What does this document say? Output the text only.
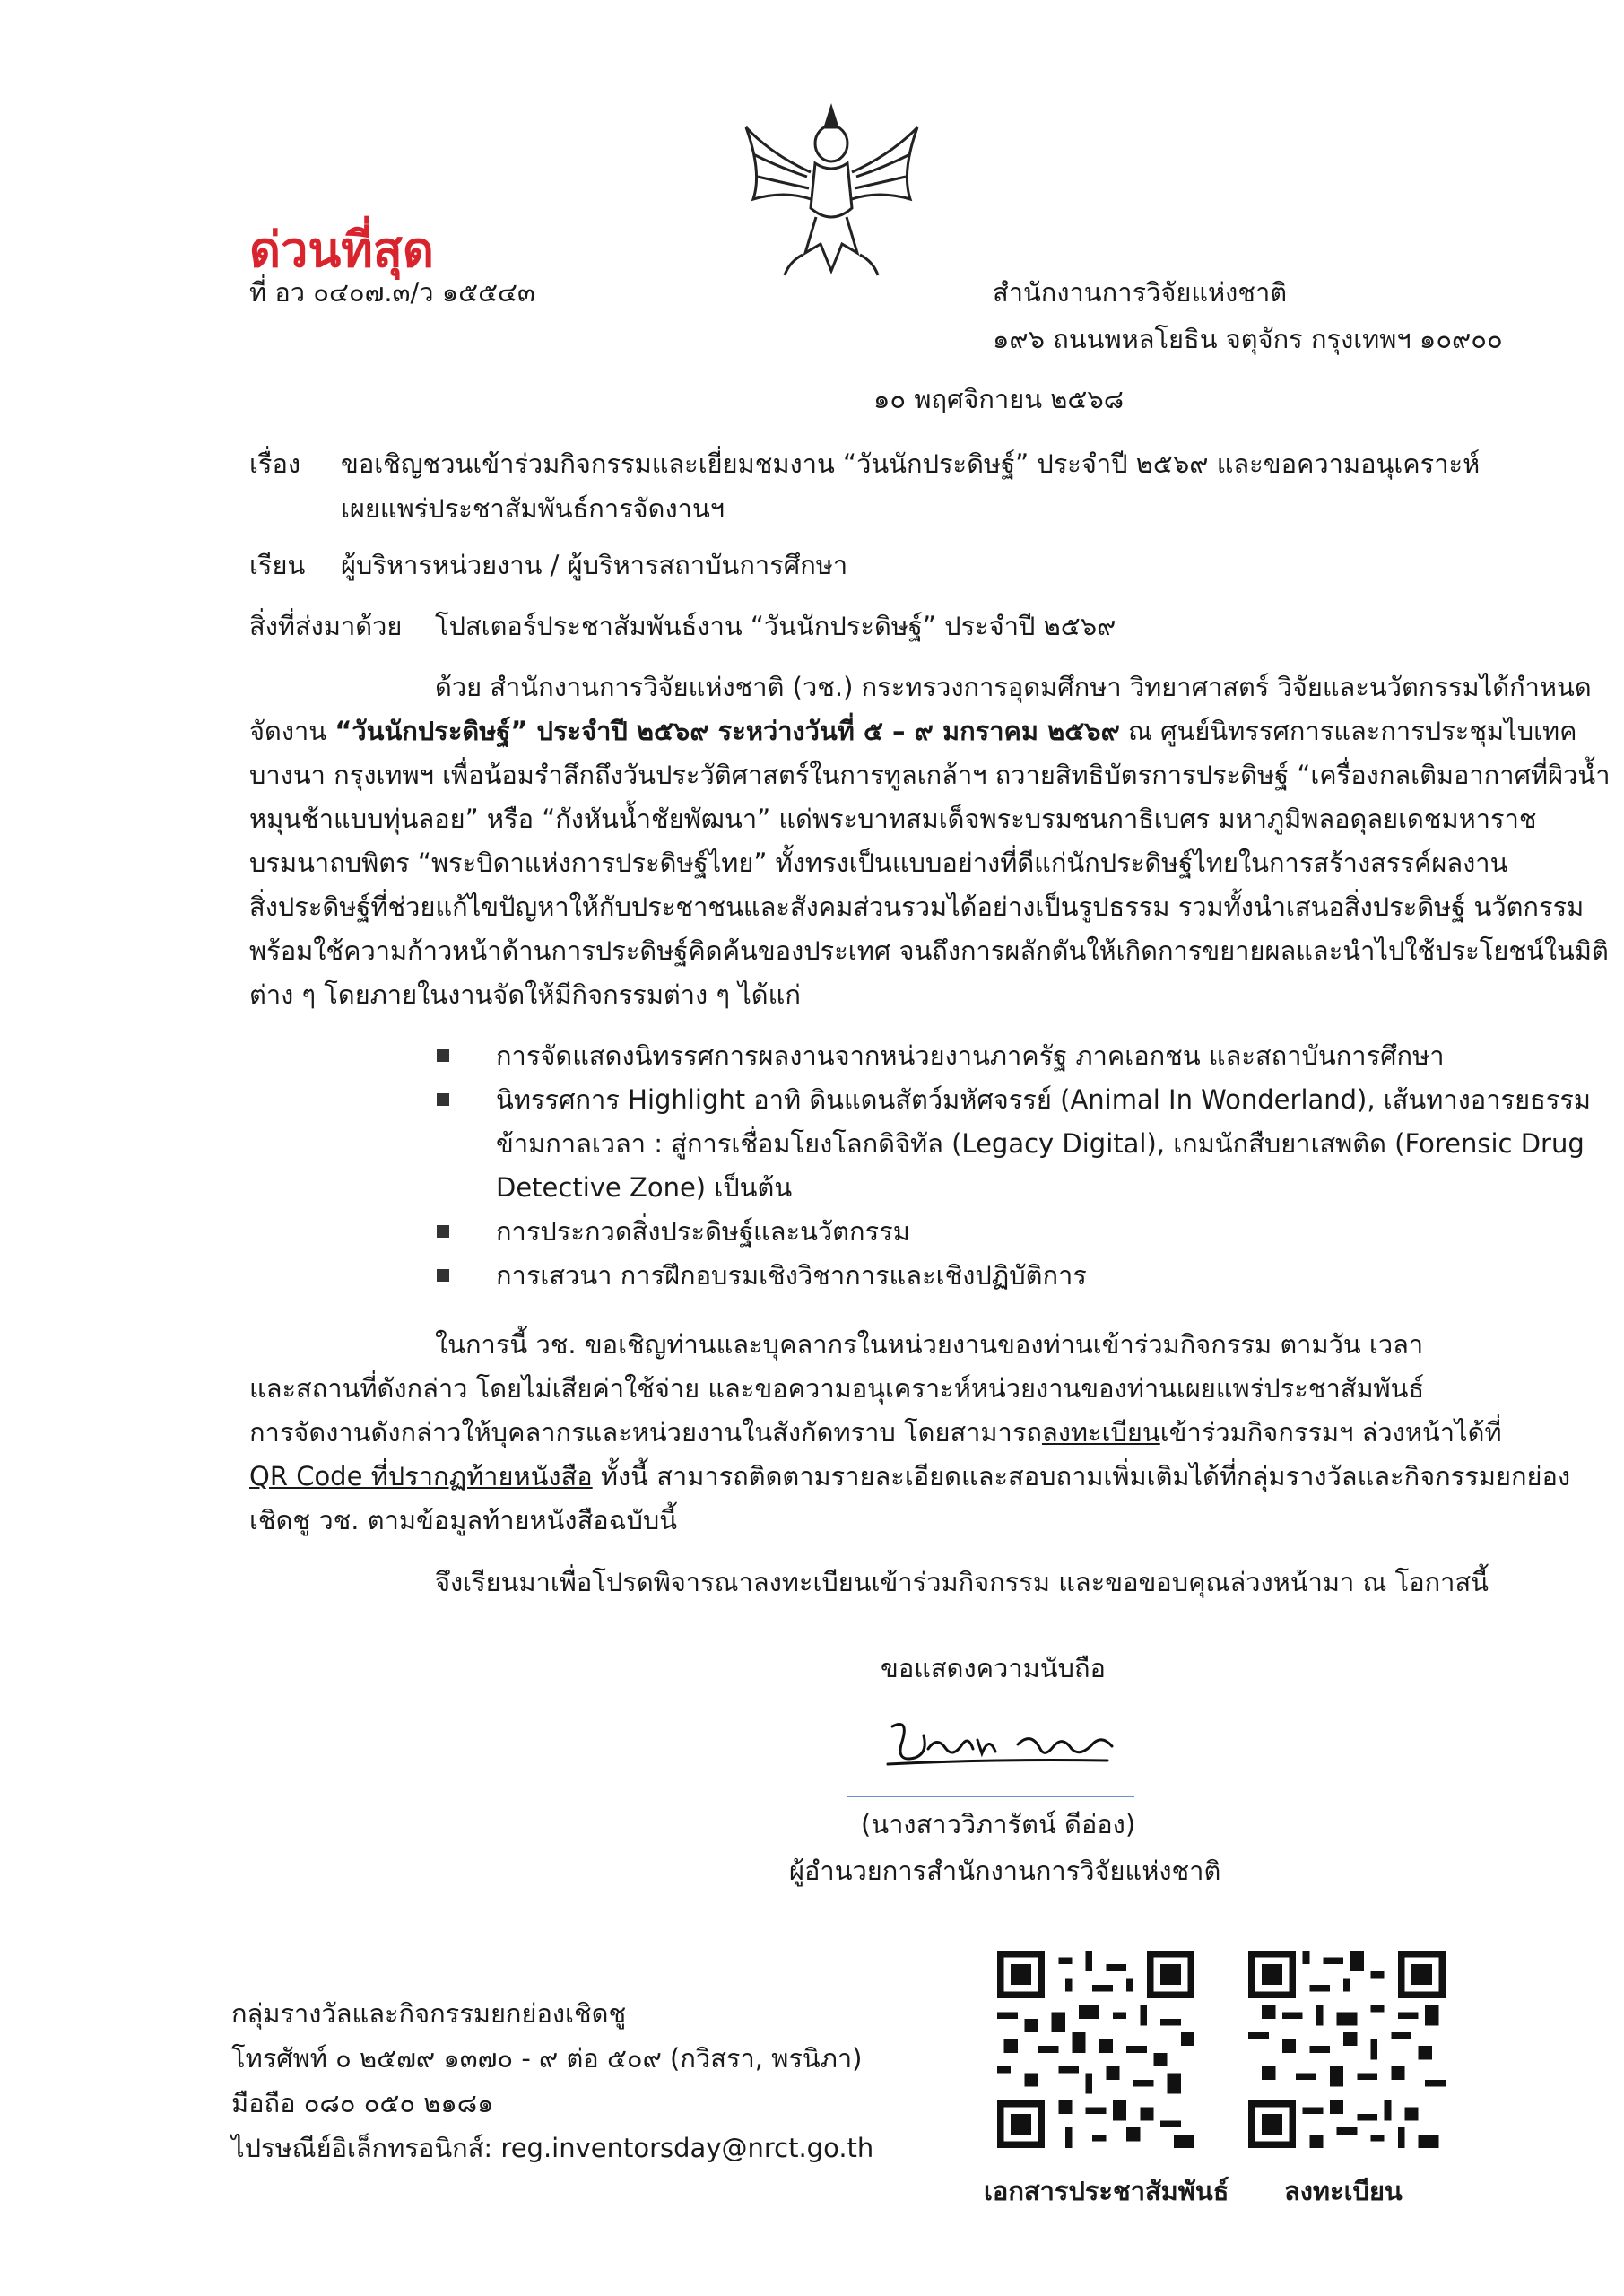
ด่วนที่สุด
ที่ อว ๐๔๐๗.๓/ว ๑๕๕๔๓	สำนักงานการวิจัยแห่งชาติ
๑๙๖ ถนนพหลโยธิน จตุจักร กรุงเทพฯ ๑๐๙๐๐
๑๐ พฤศจิกายน ๒๕๖๘
เรื่อง ขอเชิญชวนเข้าร่วมกิจกรรมและเยี่ยมชมงาน “วันนักประดิษฐ์” ประจำปี ๒๕๖๙ และขอความอนุเคราะห์
เผยแพร่ประชาสัมพันธ์การจัดงานฯ
เรียน ผู้บริหารหน่วยงาน / ผู้บริหารสถาบันการศึกษา
สิ่งที่ส่งมาด้วย โปสเตอร์ประชาสัมพันธ์งาน “วันนักประดิษฐ์” ประจำปี ๒๕๖๙
ด้วย สำนักงานการวิจัยแห่งชาติ (วช.) กระทรวงการอุดมศึกษา วิทยาศาสตร์ วิจัยและนวัตกรรมได้กำหนด
จัดงาน “วันนักประดิษฐ์” ประจำปี ๒๕๖๙ ระหว่างวันที่ ๕ – ๙ มกราคม ๒๕๖๙ ณ ศูนย์นิทรรศการและการประชุมไบเทค
บางนา กรุงเทพฯ เพื่อน้อมรำลึกถึงวันประวัติศาสตร์ในการทูลเกล้าฯ ถวายสิทธิบัตรการประดิษฐ์ “เครื่องกลเติมอากาศที่ผิวน้ำ
หมุนช้าแบบทุ่นลอย” หรือ “กังหันน้ำชัยพัฒนา” แด่พระบาทสมเด็จพระบรมชนกาธิเบศร มหาภูมิพลอดุลยเดชมหาราช
บรมนาถบพิตร “พระบิดาแห่งการประดิษฐ์ไทย” ทั้งทรงเป็นแบบอย่างที่ดีแก่นักประดิษฐ์ไทยในการสร้างสรรค์ผลงาน
สิ่งประดิษฐ์ที่ช่วยแก้ไขปัญหาให้กับประชาชนและสังคมส่วนรวมได้อย่างเป็นรูปธรรม รวมทั้งนำเสนอสิ่งประดิษฐ์ นวัตกรรม
พร้อมใช้ความก้าวหน้าด้านการประดิษฐ์คิดค้นของประเทศ จนถึงการผลักดันให้เกิดการขยายผลและนำไปใช้ประโยชน์ในมิติ
ต่าง ๆ โดยภายในงานจัดให้มีกิจกรรมต่าง ๆ ได้แก่
การจัดแสดงนิทรรศการผลงานจากหน่วยงานภาครัฐ ภาคเอกชน และสถาบันการศึกษา
นิทรรศการ Highlight อาทิ ดินแดนสัตว์มหัศจรรย์ (Animal In Wonderland), เส้นทางอารยธรรม
ข้ามกาลเวลา : สู่การเชื่อมโยงโลกดิจิทัล (Legacy Digital), เกมนักสืบยาเสพติด (Forensic Drug
Detective Zone) เป็นต้น
การประกวดสิ่งประดิษฐ์และนวัตกรรม
การเสวนา การฝึกอบรมเชิงวิชาการและเชิงปฏิบัติการ
ในการนี้ วช. ขอเชิญท่านและบุคลากรในหน่วยงานของท่านเข้าร่วมกิจกรรม ตามวัน เวลา
และสถานที่ดังกล่าว โดยไม่เสียค่าใช้จ่าย และขอความอนุเคราะห์หน่วยงานของท่านเผยแพร่ประชาสัมพันธ์
การจัดงานดังกล่าวให้บุคลากรและหน่วยงานในสังกัดทราบ โดยสามารถลงทะเบียนเข้าร่วมกิจกรรมฯ ล่วงหน้าได้ที่
QR Code ที่ปรากฏท้ายหนังสือ ทั้งนี้ สามารถติดตามรายละเอียดและสอบถามเพิ่มเติมได้ที่กลุ่มรางวัลและกิจกรรมยกย่อง
เชิดชู วช. ตามข้อมูลท้ายหนังสือฉบับนี้
จึงเรียนมาเพื่อโปรดพิจารณาลงทะเบียนเข้าร่วมกิจกรรม และขอขอบคุณล่วงหน้ามา ณ โอกาสนี้
ขอแสดงความนับถือ
(นางสาววิภารัตน์ ดีอ่อง)
ผู้อำนวยการสำนักงานการวิจัยแห่งชาติ
กลุ่มรางวัลและกิจกรรมยกย่องเชิดชู
โทรศัพท์ ๐ ๒๕๗๙ ๑๓๗๐ - ๙ ต่อ ๕๐๙ (กวิสรา, พรนิภา)
มือถือ ๐๘๐ ๐๕๐ ๒๑๘๑
ไปรษณีย์อิเล็กทรอนิกส์: reg.inventorsday@nrct.go.th
เอกสารประชาสัมพันธ์ ลงทะเบียน
